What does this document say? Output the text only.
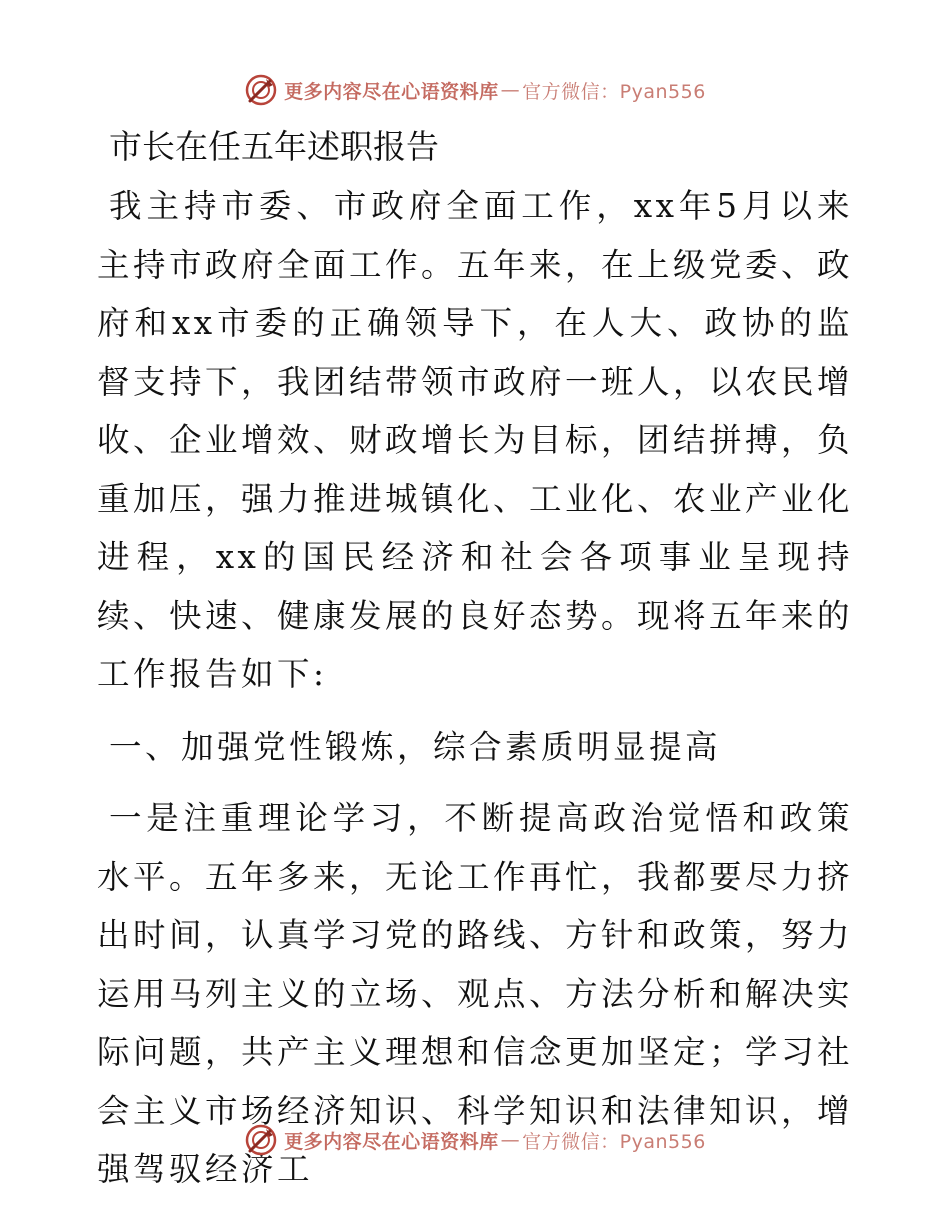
更多内容尽在心语资料库 — 官方微信：Pyan556
市长在任五年述职报告

我主持市委、市政府全面工作，xx年5月以来主持市政府全面工作。五年来，在上级党委、政府和xx市委的正确领导下，在人大、政协的监督支持下，我团结带领市政府一班人，以农民增收、企业增效、财政增长为目标，团结拼搏，负重加压，强力推进城镇化、工业化、农业产业化进程，xx的国民经济和社会各项事业呈现持续、快速、健康发展的良好态势。现将五年来的工作报告如下:

一、加强党性锻炼，综合素质明显提高

一是注重理论学习，不断提高政治觉悟和政策水平。五年多来，无论工作再忙，我都要尽力挤出时间，认真学习党的路线、方针和政策，努力运用马列主义的立场、观点、方法分析和解决实际问题，共产主义理想和信念更加坚定；学习社会主义市场经济知识、科学知识和法律知识，增强驾驭经济工

更多内容尽在心语资料库 — 官方微信：Pyan556
